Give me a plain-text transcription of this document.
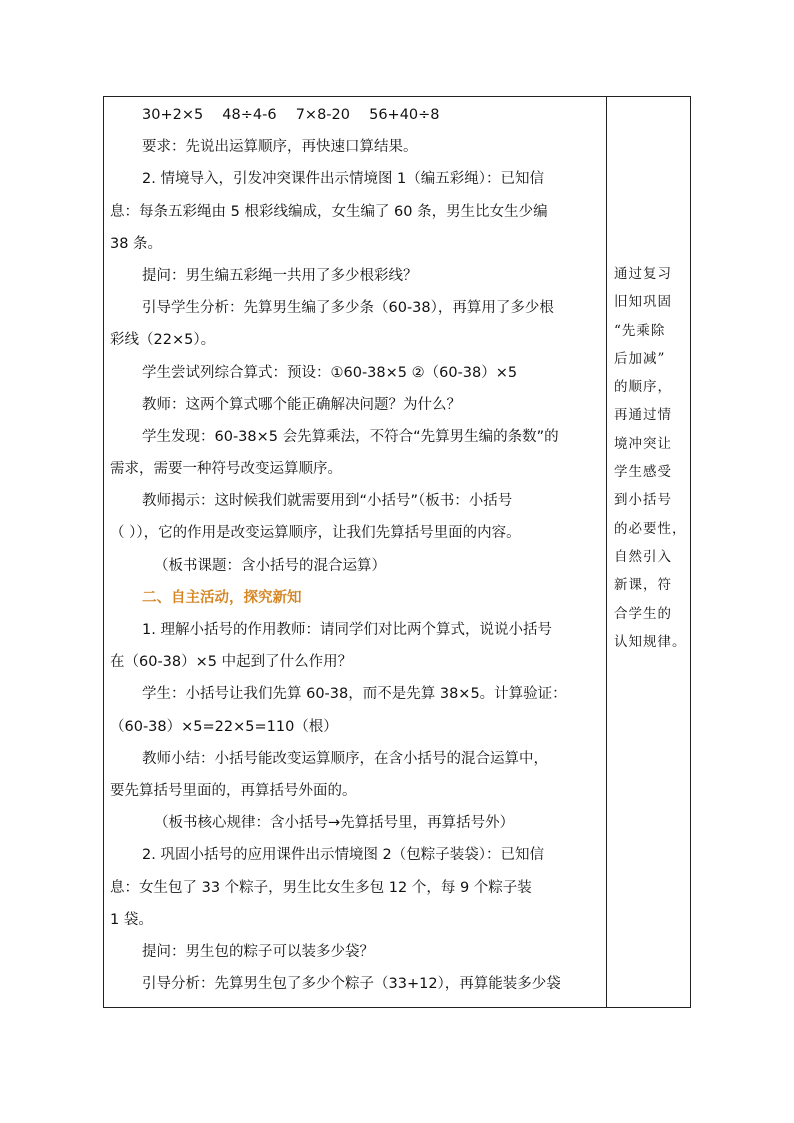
30+2×5　 48÷4-6　 7×8-20　 56+40÷8
要求：先说出运算顺序，再快速口算结果。
2. 情境导入，引发冲突课件出示情境图 1（编五彩绳）：已知信
息：每条五彩绳由 5 根彩线编成，女生编了 60 条，男生比女生少编
38 条。
提问：男生编五彩绳一共用了多少根彩线？
引导学生分析：先算男生编了多少条（60-38），再算用了多少根
彩线（22×5）。
学生尝试列综合算式：预设：①60-38×5 ②（60-38）×5
教师：这两个算式哪个能正确解决问题？为什么？
学生发现：60-38×5 会先算乘法，不符合“先算男生编的条数”的
需求，需要一种符号改变运算顺序。
教师揭示：这时候我们就需要用到“小括号”（板书：小括号
（ ）），它的作用是改变运算顺序，让我们先算括号里面的内容。
（板书课题：含小括号的混合运算）
二、自主活动，探究新知
1. 理解小括号的作用教师：请同学们对比两个算式，说说小括号
在（60-38）×5 中起到了什么作用？
学生：小括号让我们先算 60-38，而不是先算 38×5。计算验证：
（60-38）×5=22×5=110（根）
教师小结：小括号能改变运算顺序，在含小括号的混合运算中，
要先算括号里面的，再算括号外面的。
（板书核心规律：含小括号→先算括号里，再算括号外）
2. 巩固小括号的应用课件出示情境图 2（包粽子装袋）：已知信
息：女生包了 33 个粽子，男生比女生多包 12 个，每 9 个粽子装
1 袋。
提问：男生包的粽子可以装多少袋？
引导分析：先算男生包了多少个粽子（33+12），再算能装多少袋
通过复习
旧知巩固
“先乘除
后加减”
的顺序，
再通过情
境冲突让
学生感受
到小括号
的必要性，
自然引入
新课，符
合学生的
认知规律。
